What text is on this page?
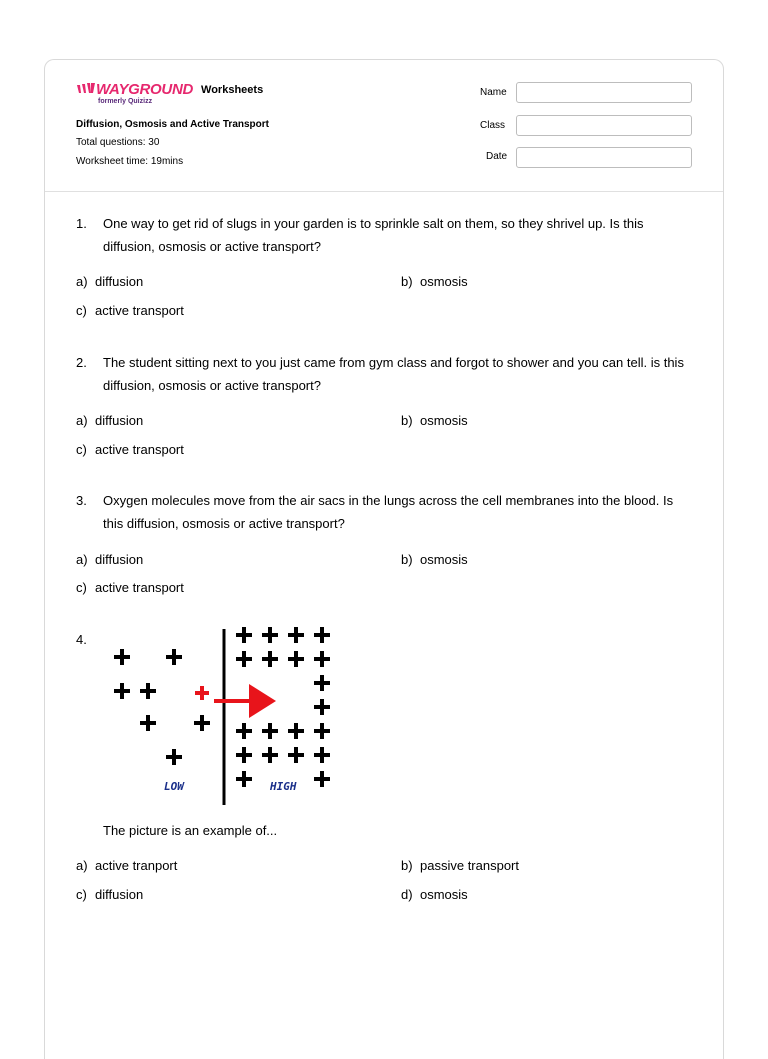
WAYGROUND
formerly Quizizz
Worksheets
Diffusion, Osmosis and Active Transport
Total questions: 30
Worksheet time: 19mins
Name
Class
Date
1. One way to get rid of slugs in your garden is to sprinkle salt on them, so they shrivel up. Is this diffusion, osmosis or active transport?
a) diffusion	b) osmosis
c) active transport
2. The student sitting next to you just came from gym class and forgot to shower and you can tell. is this diffusion, osmosis or active transport?
a) diffusion	b) osmosis
c) active transport
3. Oxygen molecules move from the air sacs in the lungs across the cell membranes into the blood. Is this diffusion, osmosis or active transport?
a) diffusion	b) osmosis
c) active transport
4.
LOW	HIGH
The picture is an example of...
a) active tranport	b) passive transport
c) diffusion	d) osmosis
